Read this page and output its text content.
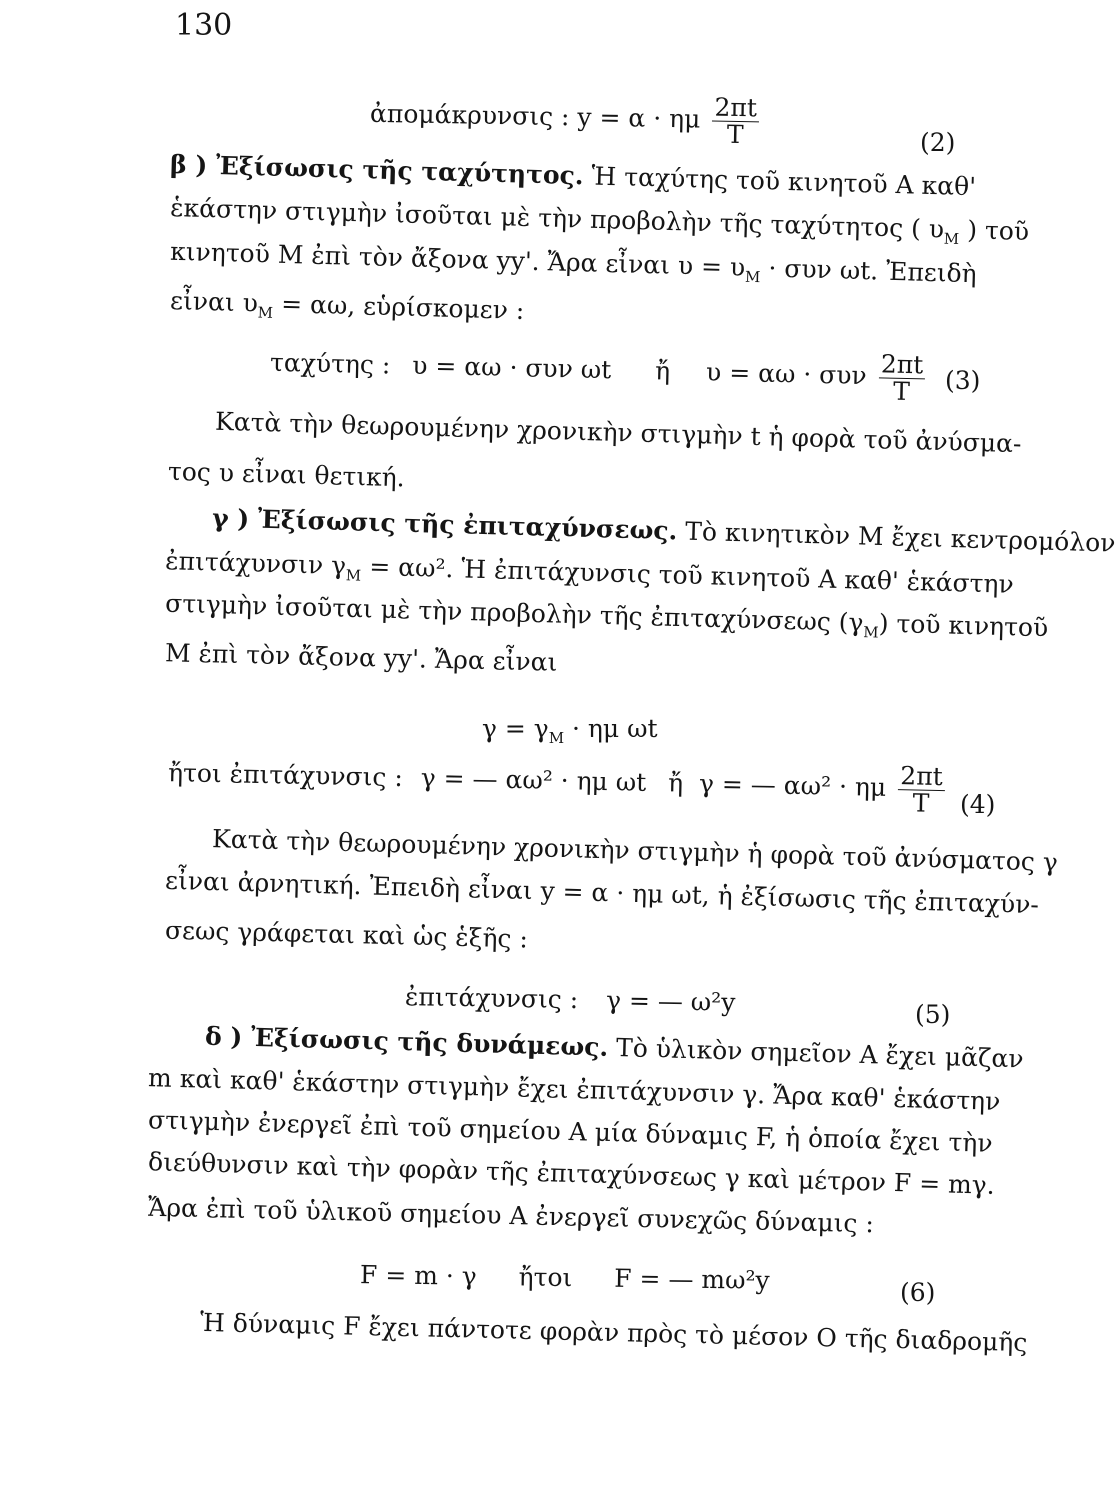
130
ἀπομάκρυνσις : y = α · ημ $\frac{2\pi t}{T}$	(2)
β ) Ἐξίσωσις τῆς ταχύτητος. Ἡ ταχύτης τοῦ κινητοῦ A καθ'
ἑκάστην στιγμὴν ἰσοῦται μὲ τὴν προβολὴν τῆς ταχύτητος ( $\upsilon_M$ ) τοῦ
κινητοῦ M ἐπὶ τὸν ἄξονα yy'. Ἄρα εἶναι $\upsilon = \upsilon_M \cdot \sigma\upsilon\nu$ ωt. Ἐπειδὴ
εἶναι $\upsilon_M = \alpha\omega$, εὑρίσκομεν :
ταχύτης : υ = αω · συν ωt ἤ υ = αω · συν $\frac{2\pi t}{T} (3)$
Κατὰ τὴν θεωρουμένην χρονικὴν στιγμὴν t ἡ φορὰ τοῦ ἀνύσμα-
τος υ εἶναι θετική.
γ ) Ἐξίσωσις τῆς ἐπιταχύνσεως. Τὸ κινητικὸν M ἔχει κεντρομόλον
ἐπιτάχυνσιν $\gamma_M = \alpha\omega^2$. Ἡ ἐπιτάχυνσις τοῦ κινητοῦ A καθ' ἑκάστην
στιγμὴν ἰσοῦται μὲ τὴν προβολὴν τῆς ἐπιταχύνσεως $(\gamma_M)$ τοῦ κινητοῦ
M ἐπὶ τὸν ἄξονα yy'. Ἄρα εἶναι
$\gamma = \gamma_M \cdot \eta\mu$ ωt
ἤτοι ἐπιτάχυνσις : γ = — αω² · ημ ωt ἤ γ = — αω² · ημ $\frac{2\pi t}{T} (4)$
Κατὰ τὴν θεωρουμένην χρονικὴν στιγμὴν ἡ φορὰ τοῦ ἀνύσματος γ
εἶναι ἀρνητική. Ἐπειδὴ εἶναι y = α · ημ ωt, ἡ ἐξίσωσις τῆς ἐπιταχύν-
σεως γράφεται καὶ ὡς ἑξῆς :
ἐπιτάχυνσις : γ = — ω²y	(5)
δ ) Ἐξίσωσις τῆς δυνάμεως. Τὸ ὑλικὸν σημεῖον A ἔχει μᾶζαν
m καὶ καθ' ἑκάστην στιγμὴν ἔχει ἐπιτάχυνσιν γ. Ἄρα καθ' ἑκάστην
στιγμὴν ἐνεργεῖ ἐπὶ τοῦ σημείου A μία δύναμις F, ἡ ὁποία ἔχει τὴν
διεύθυνσιν καὶ τὴν φορὰν τῆς ἐπιταχύνσεως γ καὶ μέτρον F = mγ.
Ἄρα ἐπὶ τοῦ ὑλικοῦ σημείου A ἐνεργεῖ συνεχῶς δύναμις :
F = m · γ ἤτοι F = — mω²y	(6)
Ἡ δύναμις F ἔχει πάντοτε φορὰν πρὸς τὸ μέσον O τῆς διαδρομῆς
